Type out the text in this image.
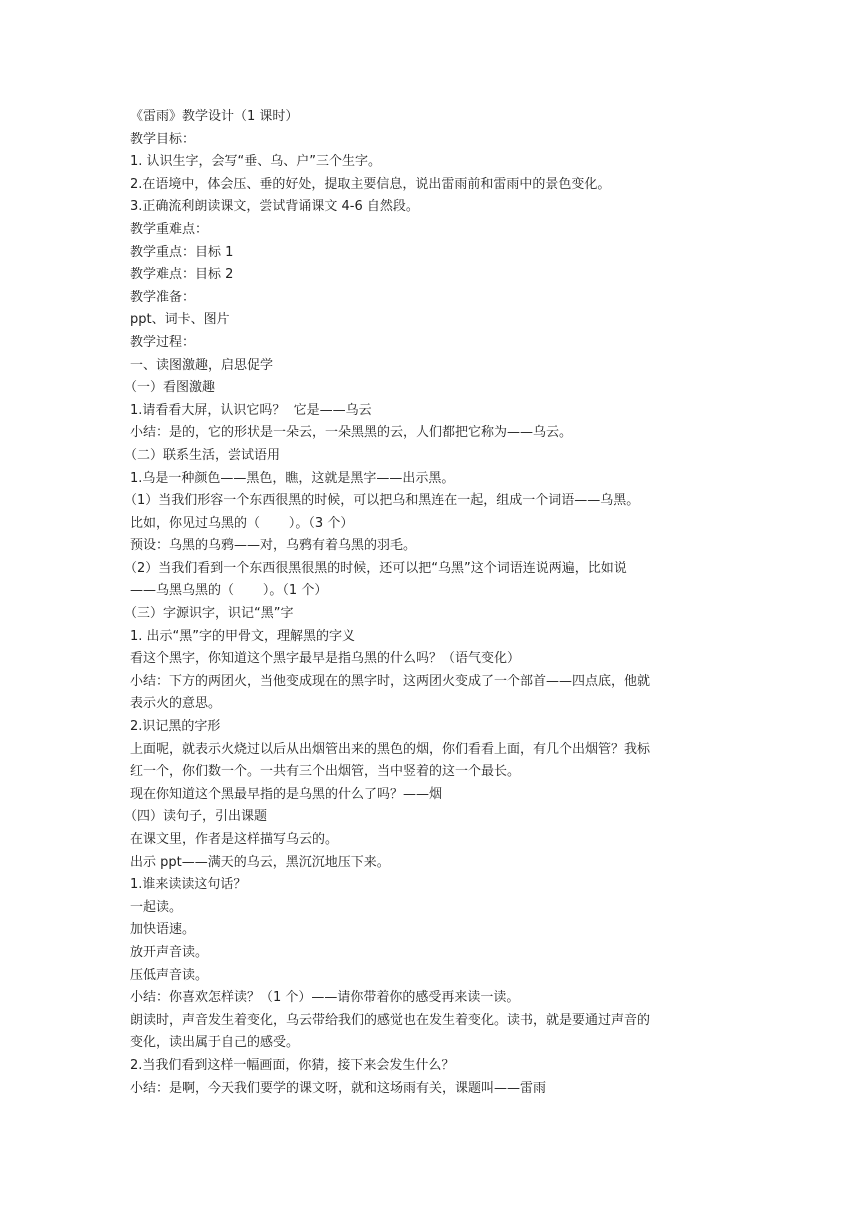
《雷雨》教学设计（1 课时）
教学目标：
1. 认识生字，会写“垂、乌、户”三个生字。
2.在语境中，体会压、垂的好处，提取主要信息，说出雷雨前和雷雨中的景色变化。
3.正确流利朗读课文，尝试背诵课文 4-6 自然段。
教学重难点：
教学重点：目标 1
教学难点：目标 2
教学准备：
ppt、词卡、图片
教学过程：
一、读图激趣，启思促学
（一）看图激趣
1.请看看大屏，认识它吗？  它是——乌云
小结：是的，它的形状是一朵云，一朵黑黑的云，人们都把它称为——乌云。
（二）联系生活，尝试语用
1.乌是一种颜色——黑色，瞧，这就是黑字——出示黑。
（1）当我们形容一个东西很黑的时候，可以把乌和黑连在一起，组成一个词语——乌黑。
比如，你见过乌黑的（       ）。（3 个）
预设：乌黑的乌鸦——对，乌鸦有着乌黑的羽毛。
（2）当我们看到一个东西很黑很黑的时候，还可以把“乌黑”这个词语连说两遍，比如说
——乌黑乌黑的（       ）。（1 个）
（三）字源识字，识记“黑”字
1. 出示“黑”字的甲骨文，理解黑的字义
看这个黑字，你知道这个黑字最早是指乌黑的什么吗？（语气变化）
小结：下方的两团火，当他变成现在的黑字时，这两团火变成了一个部首——四点底，他就
表示火的意思。
2.识记黑的字形
上面呢，就表示火烧过以后从出烟管出来的黑色的烟，你们看看上面，有几个出烟管？我标
红一个，你们数一个。一共有三个出烟管，当中竖着的这一个最长。
现在你知道这个黑最早指的是乌黑的什么了吗？——烟
（四）读句子，引出课题
在课文里，作者是这样描写乌云的。
出示 ppt——满天的乌云，黑沉沉地压下来。
1.谁来读读这句话？
一起读。
加快语速。
放开声音读。
压低声音读。
小结：你喜欢怎样读？（1 个）——请你带着你的感受再来读一读。
朗读时，声音发生着变化，乌云带给我们的感觉也在发生着变化。读书，就是要通过声音的
变化，读出属于自己的感受。
2.当我们看到这样一幅画面，你猜，接下来会发生什么？
小结：是啊，今天我们要学的课文呀，就和这场雨有关，课题叫——雷雨
